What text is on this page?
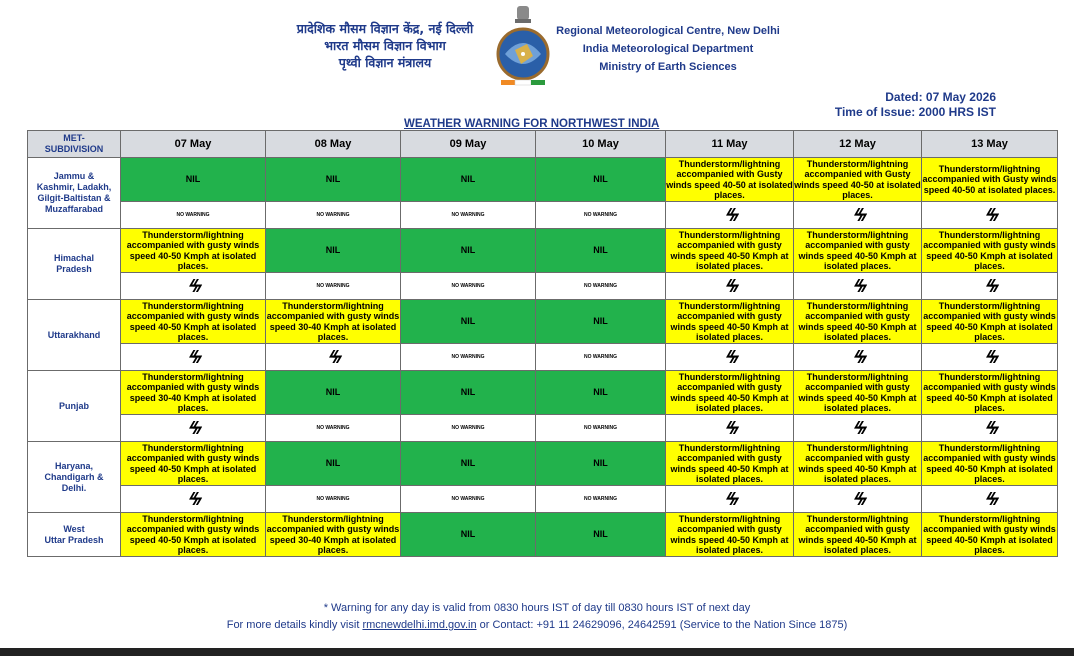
प्रादेशिक मौसम विज्ञान केंद्र, नई दिल्ली
भारत मौसम विज्ञान विभाग
पृथ्वी विज्ञान मंत्रालय
Regional Meteorological Centre, New Delhi
India Meteorological Department
Ministry of Earth Sciences
Dated: 07 May 2026
Time of Issue: 2000 HRS IST
WEATHER WARNING FOR NORTHWEST INDIA
MET-
SUBDIVISION	07 May	08 May	09 May	10 May	11 May	12 May	13 May
Jammu &
Kashmir, Ladakh,
Gilgit-Baltistan &
Muzaffarabad	NIL	NIL	NIL	NIL	Thunderstorm/lightning accompanied with Gusty winds speed 40-50 at isolated places.	Thunderstorm/lightning accompanied with Gusty winds speed 40-50 at isolated places.	Thunderstorm/lightning accompanied with Gusty winds speed 40-50 at isolated places.
	NO WARNING	NO WARNING	NO WARNING	NO WARNING	ϟϟ	ϟϟ	ϟϟ
Himachal
Pradesh	Thunderstorm/lightning accompanied with gusty winds speed 40-50 Kmph at isolated places.	NIL	NIL	NIL	Thunderstorm/lightning accompanied with gusty winds speed 40-50 Kmph at isolated places.	Thunderstorm/lightning accompanied with gusty winds speed 40-50 Kmph at isolated places.	Thunderstorm/lightning accompanied with gusty winds speed 40-50 Kmph at isolated places.
	ϟϟ	NO WARNING	NO WARNING	NO WARNING	ϟϟ	ϟϟ	ϟϟ
Uttarakhand	Thunderstorm/lightning accompanied with gusty winds speed 40-50 Kmph at isolated places.	Thunderstorm/lightning accompanied with gusty winds speed 30-40 Kmph at isolated places.	NIL	NIL	Thunderstorm/lightning accompanied with gusty winds speed 40-50 Kmph at isolated places.	Thunderstorm/lightning accompanied with gusty winds speed 40-50 Kmph at isolated places.	Thunderstorm/lightning accompanied with gusty winds speed 40-50 Kmph at isolated places.
	ϟϟ	ϟϟ	NO WARNING	NO WARNING	ϟϟ	ϟϟ	ϟϟ
Punjab	Thunderstorm/lightning accompanied with gusty winds speed 30-40 Kmph at isolated places.	NIL	NIL	NIL	Thunderstorm/lightning accompanied with gusty winds speed 40-50 Kmph at isolated places.	Thunderstorm/lightning accompanied with gusty winds speed 40-50 Kmph at isolated places.	Thunderstorm/lightning accompanied with gusty winds speed 40-50 Kmph at isolated places.
	ϟϟ	NO WARNING	NO WARNING	NO WARNING	ϟϟ	ϟϟ	ϟϟ
Haryana,
Chandigarh &
Delhi.	Thunderstorm/lightning accompanied with gusty winds speed 40-50 Kmph at isolated places.	NIL	NIL	NIL	Thunderstorm/lightning accompanied with gusty winds speed 40-50 Kmph at isolated places.	Thunderstorm/lightning accompanied with gusty winds speed 40-50 Kmph at isolated places.	Thunderstorm/lightning accompanied with gusty winds speed 40-50 Kmph at isolated places.
	ϟϟ	NO WARNING	NO WARNING	NO WARNING	ϟϟ	ϟϟ	ϟϟ
West
Uttar Pradesh	Thunderstorm/lightning accompanied with gusty winds speed 40-50 Kmph at isolated places.	Thunderstorm/lightning accompanied with gusty winds speed 30-40 Kmph at isolated places.	NIL	NIL	Thunderstorm/lightning accompanied with gusty winds speed 40-50 Kmph at isolated places.	Thunderstorm/lightning accompanied with gusty winds speed 40-50 Kmph at isolated places.	Thunderstorm/lightning accompanied with gusty winds speed 40-50 Kmph at isolated places.
* Warning for any day is valid from 0830 hours IST of day till 0830 hours IST of next day
For more details kindly visit rmcnewdelhi.imd.gov.in or Contact: +91 11 24629096, 24642591 (Service to the Nation Since 1875)
